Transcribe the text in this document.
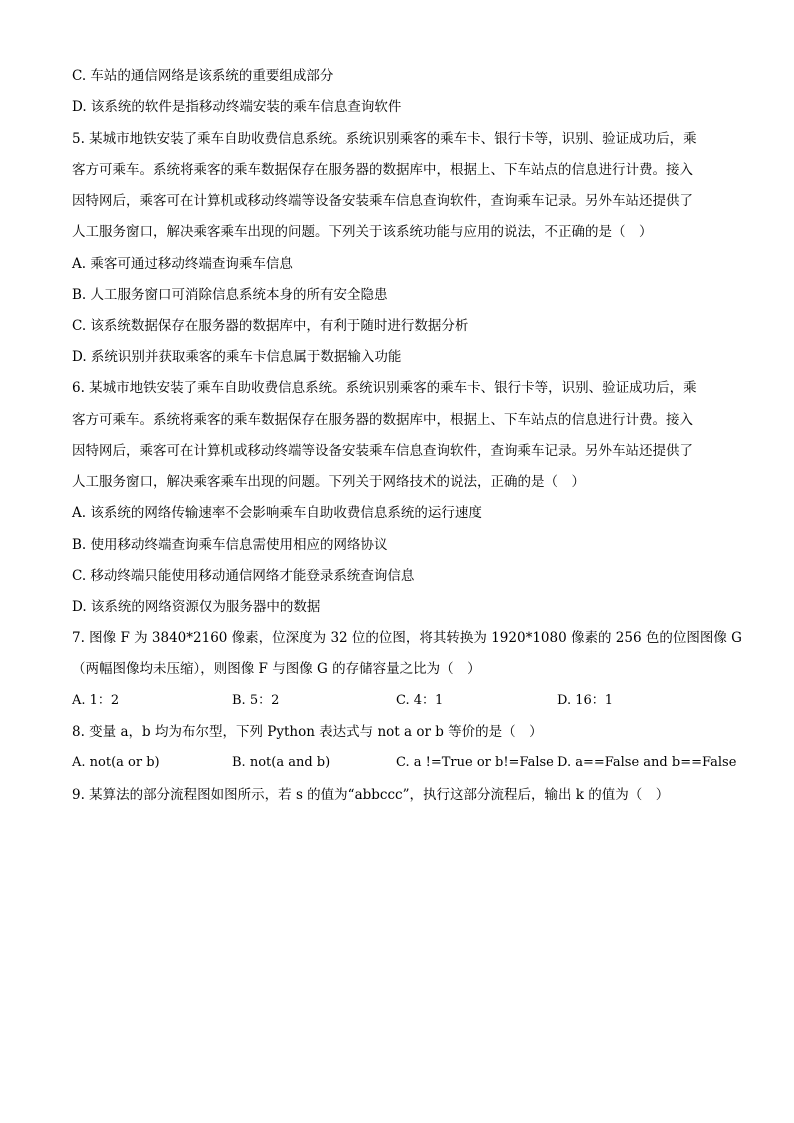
C. 车站的通信网络是该系统的重要组成部分
D. 该系统的软件是指移动终端安装的乘车信息查询软件
5. 某城市地铁安装了乘车自助收费信息系统。系统识别乘客的乘车卡、银行卡等，识别、验证成功后，乘
客方可乘车。系统将乘客的乘车数据保存在服务器的数据库中，根据上、下车站点的信息进行计费。接入
因特网后，乘客可在计算机或移动终端等设备安装乘车信息查询软件，查询乘车记录。另外车站还提供了
人工服务窗口，解决乘客乘车出现的问题。下列关于该系统功能与应用的说法，不正确的是（　）
A. 乘客可通过移动终端查询乘车信息
B. 人工服务窗口可消除信息系统本身的所有安全隐患
C. 该系统数据保存在服务器的数据库中，有利于随时进行数据分析
D. 系统识别并获取乘客的乘车卡信息属于数据输入功能
6. 某城市地铁安装了乘车自助收费信息系统。系统识别乘客的乘车卡、银行卡等，识别、验证成功后，乘
客方可乘车。系统将乘客的乘车数据保存在服务器的数据库中，根据上、下车站点的信息进行计费。接入
因特网后，乘客可在计算机或移动终端等设备安装乘车信息查询软件，查询乘车记录。另外车站还提供了
人工服务窗口，解决乘客乘车出现的问题。下列关于网络技术的说法，正确的是（　）
A. 该系统的网络传输速率不会影响乘车自助收费信息系统的运行速度
B. 使用移动终端查询乘车信息需使用相应的网络协议
C. 移动终端只能使用移动通信网络才能登录系统查询信息
D. 该系统的网络资源仅为服务器中的数据
7. 图像 F 为 3840*2160 像素，位深度为 32 位的位图，将其转换为 1920*1080 像素的 256 色的位图图像 G
（两幅图像均未压缩），则图像 F 与图像 G 的存储容量之比为（　）
A. 1：2	B. 5：2	C. 4：1	D. 16：1
8. 变量 a，b 均为布尔型，下列 Python 表达式与 not a or b 等价的是（　）
A. not(a or b)	B. not(a and b)	C. a !=True or b!=False D. a==False and b==False
9. 某算法的部分流程图如图所示，若 s 的值为“abbccc”，执行这部分流程后，输出 k 的值为（　）
